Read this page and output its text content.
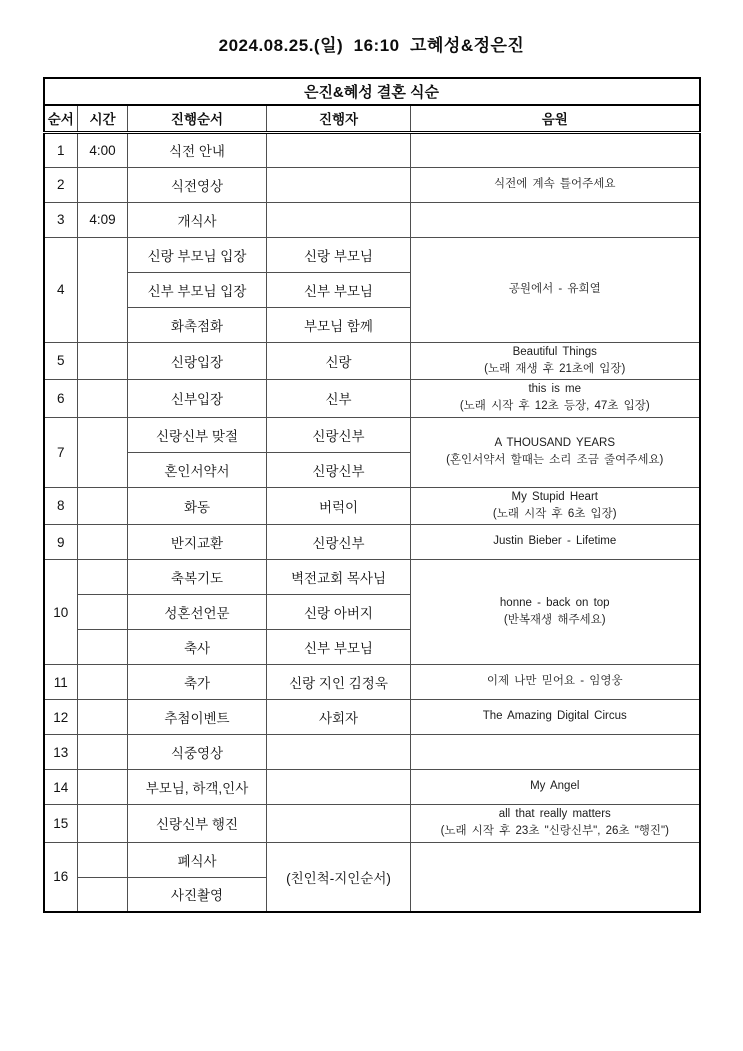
2024.08.25.(일)  16:10  고혜성&정은진
은진&혜성 결혼 식순				
순서	시간	진행순서	진행자	음원
1	4:00	식전 안내		

2		식전영상		식전에 계속 틀어주세요

3	4:09	개식사		

4		신랑 부모님 입장	신랑 부모님	공원에서 - 유희열

		신부 부모님 입장	신부 부모님	
		화촉점화	부모님 함께	
5		신랑입장	신랑	Beautiful Things
(노래 재생 후 21초에 입장)

6		신부입장	신부	this is me
(노래 시작 후 12초 등장, 47초 입장)

7		신랑신부 맞절	신랑신부	A THOUSAND YEARS
(혼인서약서 할때는 소리 조금 줄여주세요)

		혼인서약서	신랑신부	
8		화동	버럭이	My Stupid Heart
(노래 시작 후 6초 입장)

9		반지교환	신랑신부	Justin Bieber - Lifetime

10		축복기도	벽전교회 목사님	honne - back on top
(반복재생 해주세요)

		성혼선언문	신랑 아버지	
		축사	신부 부모님	
11		축가	신랑 지인 김정욱	이제 나만 믿어요 - 임영웅

12		추첨이벤트	사회자	The Amazing Digital Circus

13		식중영상		

14		부모님, 하객,인사		My Angel

15		신랑신부 행진		all that really matters
(노래 시작 후 23초 "신랑신부", 26초 "행진")

16		폐식사	(친인척-지인순서)	

		사진촬영		
